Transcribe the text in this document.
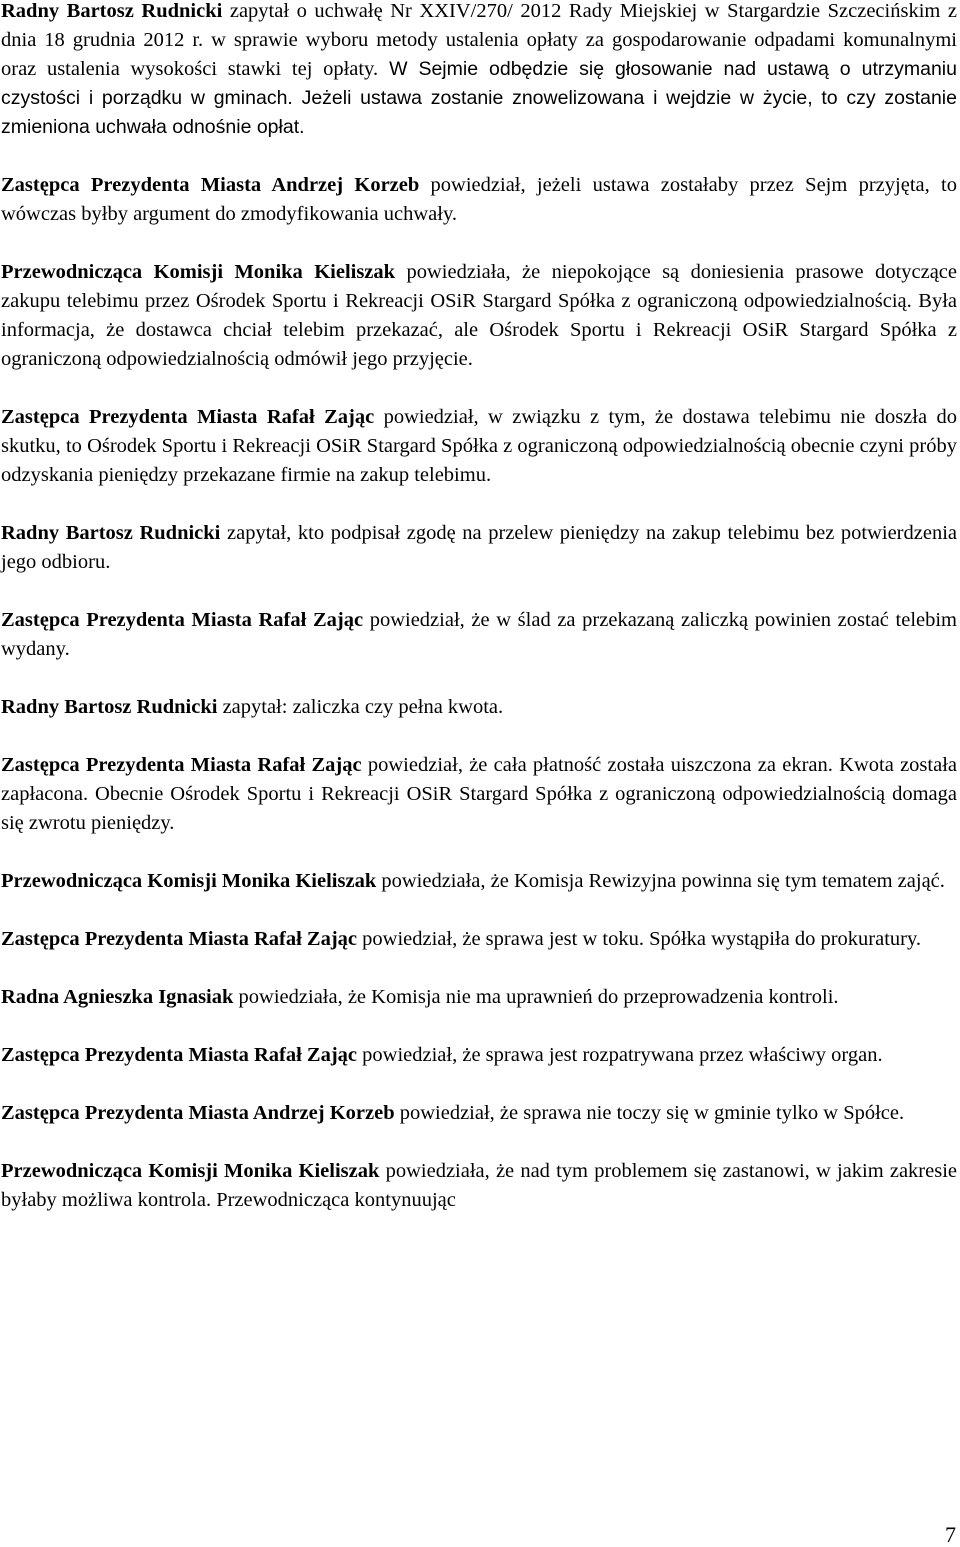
Radny Bartosz Rudnicki zapytał o uchwałę Nr XXIV/270/ 2012 Rady Miejskiej w Stargardzie Szczecińskim z dnia 18 grudnia 2012 r. w sprawie wyboru metody ustalenia opłaty za gospodarowanie odpadami komunalnymi oraz ustalenia wysokości stawki tej opłaty. W Sejmie odbędzie się głosowanie nad ustawą o utrzymaniu czystości i porządku w gminach. Jeżeli ustawa zostanie znowelizowana i wejdzie w życie, to czy zostanie zmieniona uchwała odnośnie opłat.

Zastępca Prezydenta Miasta Andrzej Korzeb powiedział, jeżeli ustawa zostałaby przez Sejm przyjęta, to wówczas byłby argument do zmodyfikowania uchwały.

Przewodnicząca Komisji Monika Kieliszak powiedziała, że niepokojące są doniesienia prasowe dotyczące zakupu telebimu przez Ośrodek Sportu i Rekreacji OSiR Stargard Spółka z ograniczoną odpowiedzialnością. Była informacja, że dostawca chciał telebim przekazać, ale Ośrodek Sportu i Rekreacji OSiR Stargard Spółka z ograniczoną odpowiedzialnością odmówił jego przyjęcie.

Zastępca Prezydenta Miasta Rafał Zając powiedział, w związku z tym, że dostawa telebimu nie doszła do skutku, to Ośrodek Sportu i Rekreacji OSiR Stargard Spółka z ograniczoną odpowiedzialnością obecnie czyni próby odzyskania pieniędzy przekazane firmie na zakup telebimu.

Radny Bartosz Rudnicki zapytał, kto podpisał zgodę na przelew pieniędzy na zakup telebimu bez potwierdzenia jego odbioru.

Zastępca Prezydenta Miasta Rafał Zając powiedział, że w ślad za przekazaną zaliczką powinien zostać telebim wydany.

Radny Bartosz Rudnicki zapytał: zaliczka czy pełna kwota.

Zastępca Prezydenta Miasta Rafał Zając powiedział, że cała płatność została uiszczona za ekran. Kwota została zapłacona. Obecnie Ośrodek Sportu i Rekreacji OSiR Stargard Spółka z ograniczoną odpowiedzialnością domaga się zwrotu pieniędzy.

Przewodnicząca Komisji Monika Kieliszak powiedziała, że Komisja Rewizyjna powinna się tym tematem zająć.

Zastępca Prezydenta Miasta Rafał Zając powiedział, że sprawa jest w toku. Spółka wystąpiła do prokuratury.

Radna Agnieszka Ignasiak powiedziała, że Komisja nie ma uprawnień do przeprowadzenia kontroli.

Zastępca Prezydenta Miasta Rafał Zając powiedział, że sprawa jest rozpatrywana przez właściwy organ.

Zastępca Prezydenta Miasta Andrzej Korzeb powiedział, że sprawa nie toczy się w gminie tylko w Spółce.

Przewodnicząca Komisji Monika Kieliszak powiedziała, że nad tym problemem się zastanowi, w jakim zakresie byłaby możliwa kontrola. Przewodnicząca kontynuując

7
